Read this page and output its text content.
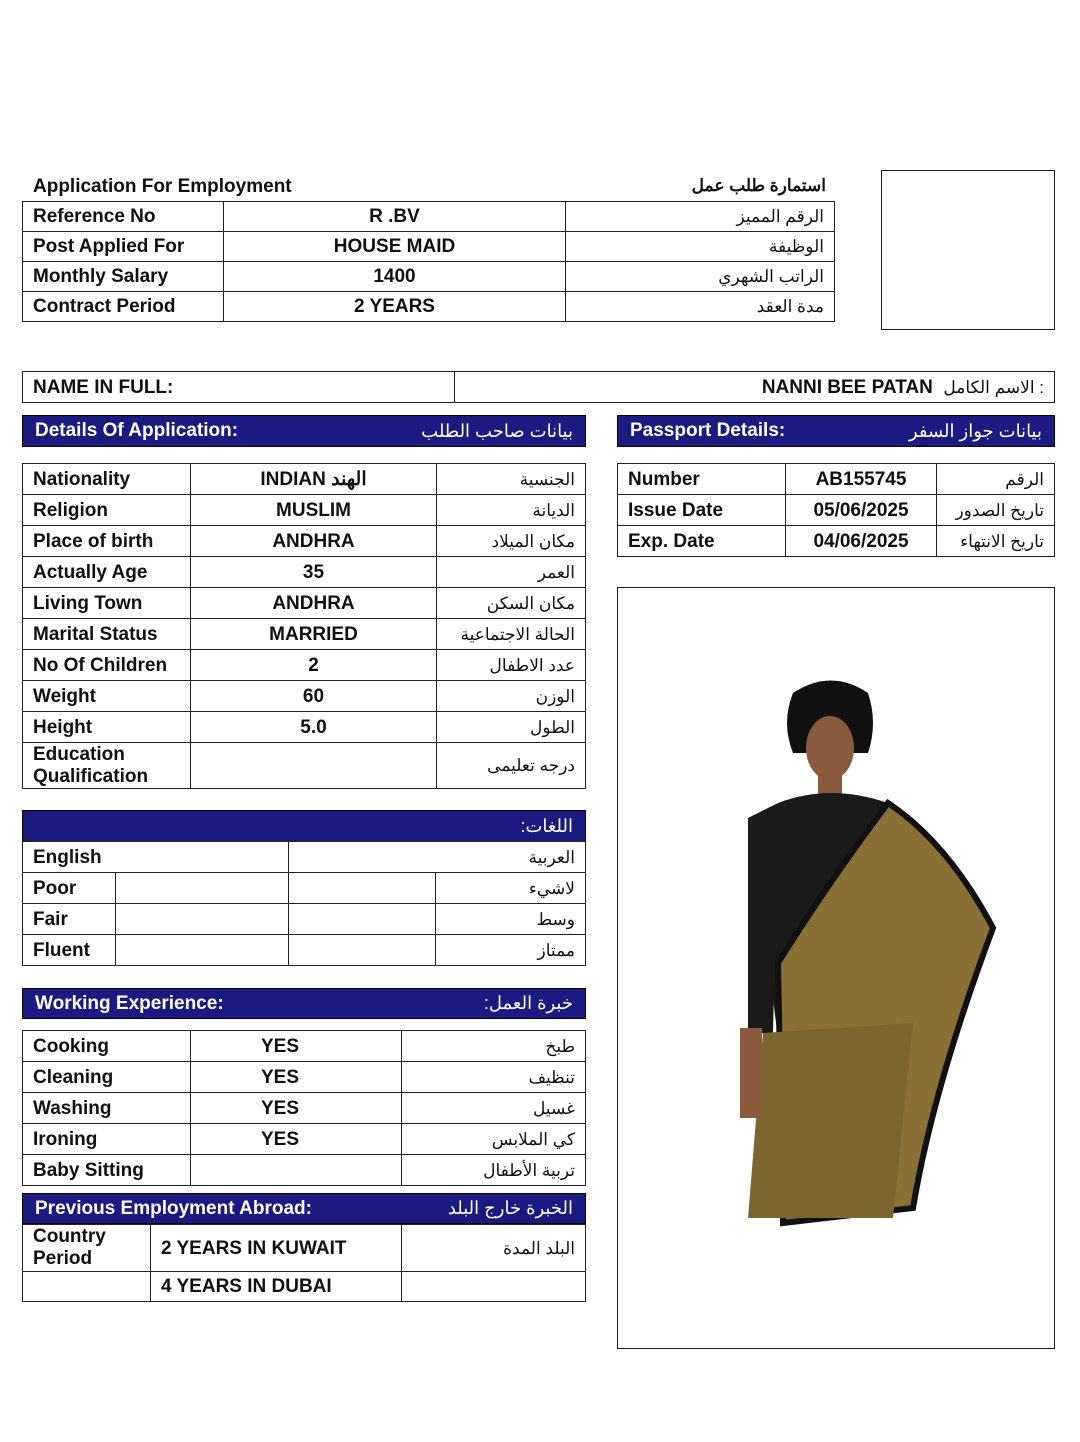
Application For Employment	استمارة طلب عمل
Reference No	R .BV	الرقم المميز
Post Applied For	HOUSE MAID	الوظيفة
Monthly Salary	1400	الراتب الشهري
Contract Period	2 YEARS	مدة العقد
NAME IN FULL:	NANNI BEE PATAN الاسم الكامل :
Details Of Application:	بيانات صاحب الطلب	Passport Details:	بيانات جواز السفر
Nationality	INDIAN الهند	الجنسية
Religion	MUSLIM	الديانة
Place of birth	ANDHRA	مكان الميلاد
Actually Age	35	العمر
Living Town	ANDHRA	مكان السكن
Marital Status	MARRIED	الحالة الاجتماعية
No Of Children	2	عدد الاطفال
Weight	60	الوزن
Height	5.0	الطول
Education Qualification		درجه تعليمى
Number	AB155745	الرقم
Issue Date	05/06/2025	تاريخ الصدور
Exp. Date	04/06/2025	تاريخ الانتهاء
اللغات:
English		العربية	
Poor			لاشيء
Fair			وسط
Fluent			ممتاز
Working Experience:	خبرة العمل:
Cooking	YES	طبخ
Cleaning	YES	تنظيف
Washing	YES	غسيل
Ironing	YES	كي الملابس
Baby Sitting		تربية الأطفال
Previous Employment Abroad:	الخبرة خارج البلد
Country Period	2 YEARS IN KUWAIT	البلد المدة
	4 YEARS IN DUBAI	
